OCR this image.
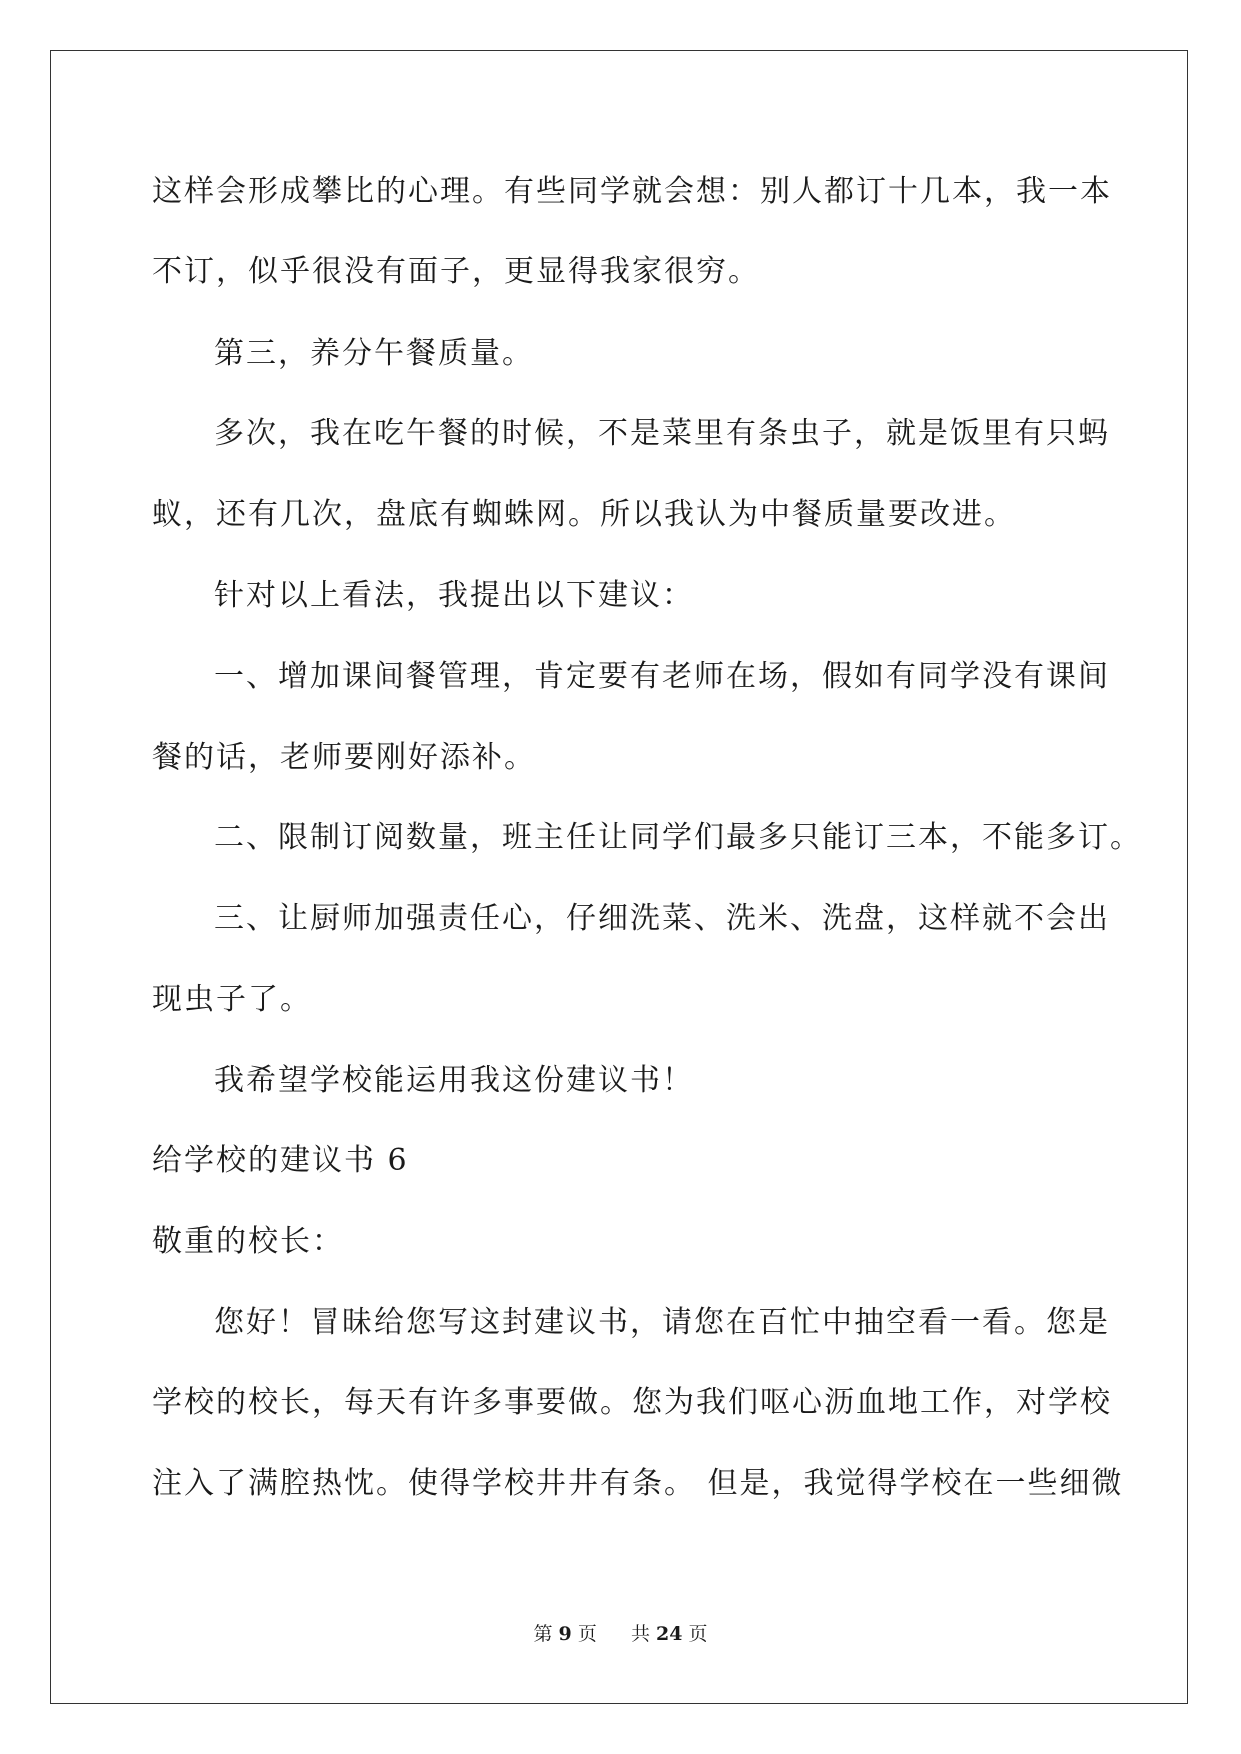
这样会形成攀比的心理。有些同学就会想：别人都订十几本，我一本
不订，似乎很没有面子，更显得我家很穷。
第三，养分午餐质量。
多次，我在吃午餐的时候，不是菜里有条虫子，就是饭里有只蚂
蚁，还有几次，盘底有蜘蛛网。所以我认为中餐质量要改进。
针对以上看法，我提出以下建议：
一、增加课间餐管理，肯定要有老师在场，假如有同学没有课间
餐的话，老师要刚好添补。
二、限制订阅数量，班主任让同学们最多只能订三本，不能多订。
三、让厨师加强责任心，仔细洗菜、洗米、洗盘，这样就不会出
现虫子了。
我希望学校能运用我这份建议书！
给学校的建议书 6
敬重的校长：
您好！冒昧给您写这封建议书，请您在百忙中抽空看一看。您是
学校的校长，每天有许多事要做。您为我们呕心沥血地工作，对学校
注入了满腔热忱。使得学校井井有条。 但是，我觉得学校在一些细微
第 9 页 共 24 页
